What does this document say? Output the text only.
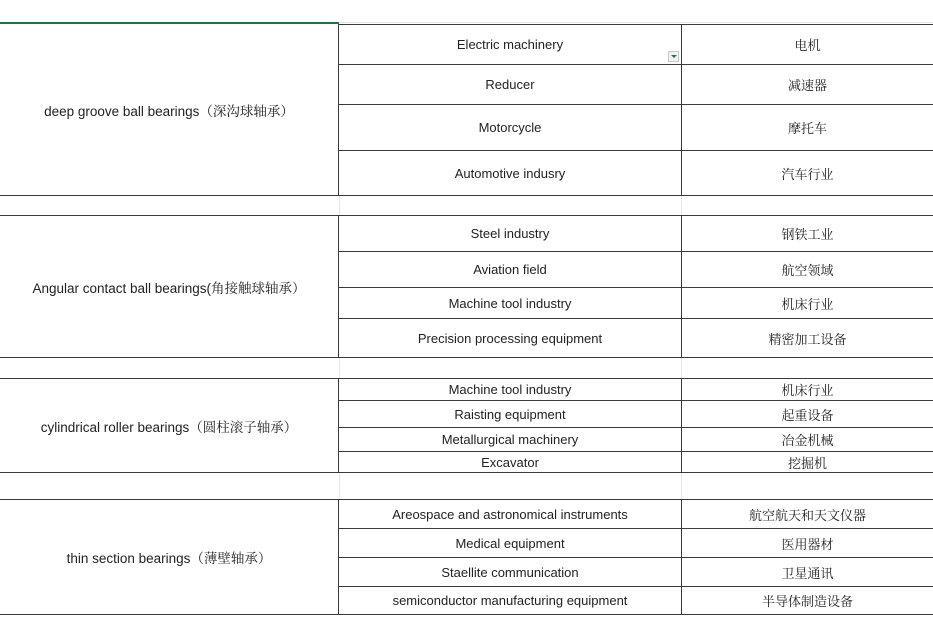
deep groove ball bearings（深沟球轴承）
Electric machinery	电机
Reducer	减速器
Motorcycle	摩托车
Automotive indusry	汽车行业
Angular contact ball bearings(角接触球轴承）
Steel industry	钢铁工业
Aviation field	航空领域
Machine tool industry	机床行业
Precision processing equipment	精密加工设备
cylindrical roller bearings（圆柱滚子轴承）
Machine tool industry	机床行业
Raisting equipment	起重设备
Metallurgical machinery	冶金机械
Excavator	挖掘机
thin section bearings（薄壁轴承）
Areospace and astronomical instruments	航空航天和天文仪器
Medical equipment	医用器材
Staellite communication	卫星通讯
semiconductor manufacturing equipment	半导体制造设备
